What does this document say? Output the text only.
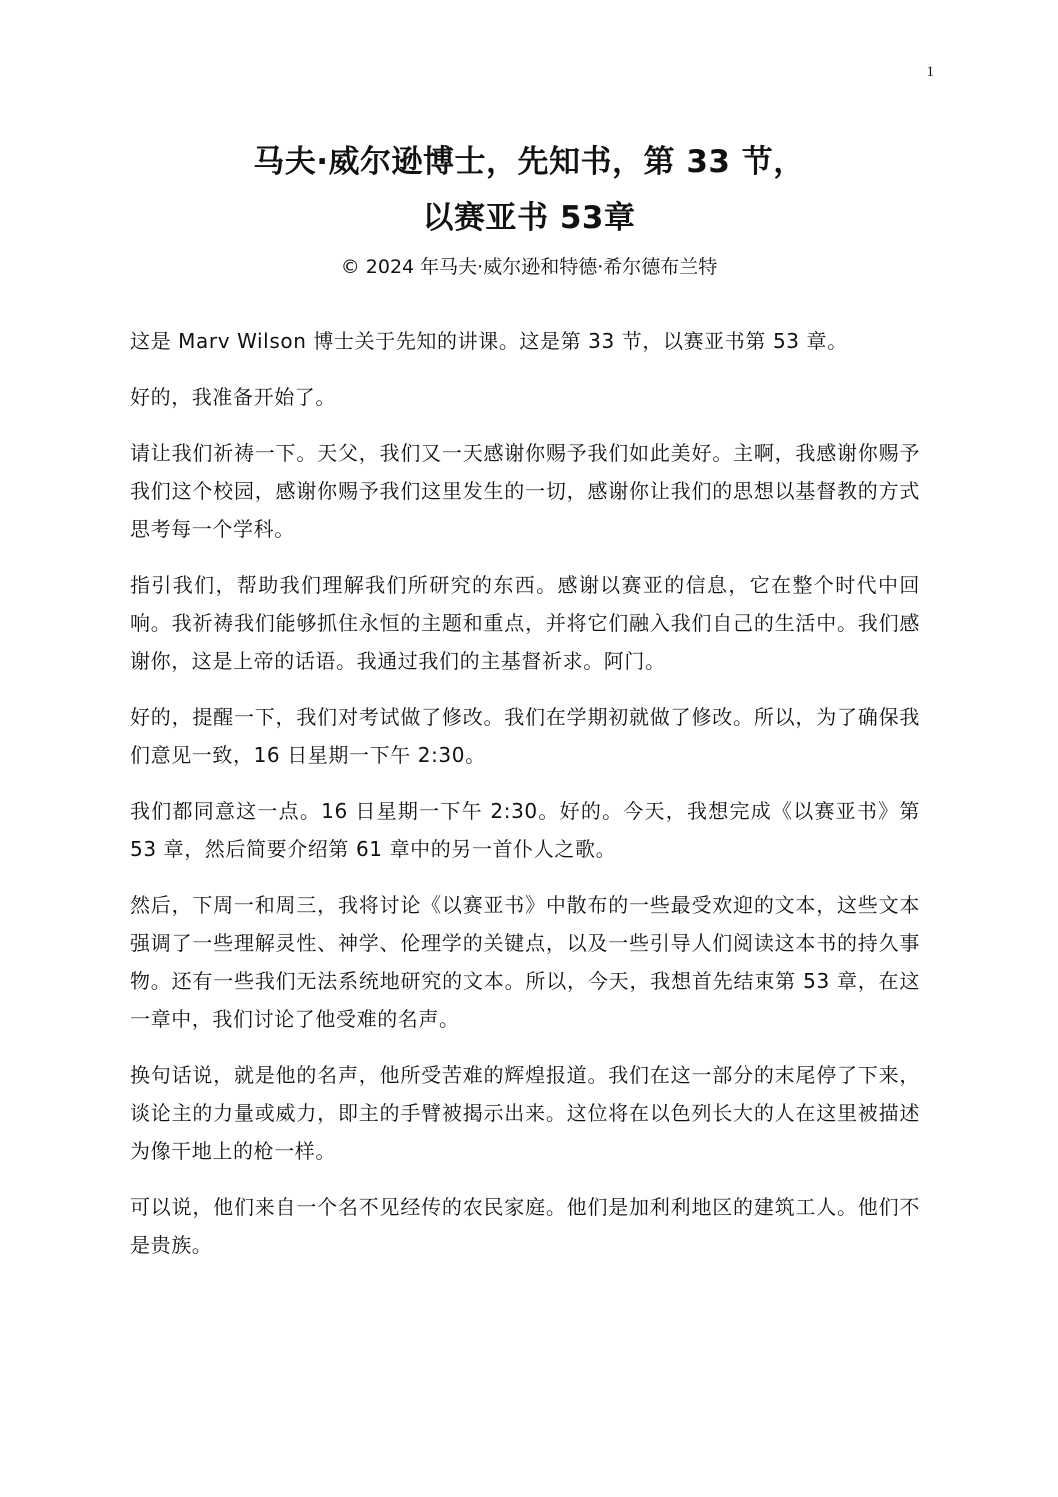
1
马夫·威尔逊博士，先知书，第 33 节，
以赛亚书 53章
© 2024 年马夫·威尔逊和特德·希尔德布兰特

这是 Marv Wilson 博士关于先知的讲课。这是第 33 节，以赛亚书第 53 章。

好的，我准备开始了。

请让我们祈祷一下。天父，我们又一天感谢你赐予我们如此美好。主啊，我感谢你赐予我们这个校园，感谢你赐予我们这里发生的一切，感谢你让我们的思想以基督教的方式思考每一个学科。

指引我们，帮助我们理解我们所研究的东西。感谢以赛亚的信息，它在整个时代中回响。我祈祷我们能够抓住永恒的主题和重点，并将它们融入我们自己的生活中。我们感谢你，这是上帝的话语。我通过我们的主基督祈求。阿门。

好的，提醒一下，我们对考试做了修改。我们在学期初就做了修改。所以，为了确保我们意见一致，16 日星期一下午 2:30。

我们都同意这一点。16 日星期一下午 2:30。好的。今天，我想完成《以赛亚书》第 53 章，然后简要介绍第 61 章中的另一首仆人之歌。

然后，下周一和周三，我将讨论《以赛亚书》中散布的一些最受欢迎的文本，这些文本强调了一些理解灵性、神学、伦理学的关键点，以及一些引导人们阅读这本书的持久事物。还有一些我们无法系统地研究的文本。所以，今天，我想首先结束第 53 章，在这一章中，我们讨论了他受难的名声。

换句话说，就是他的名声，他所受苦难的辉煌报道。我们在这一部分的末尾停了下来，谈论主的力量或威力，即主的手臂被揭示出来。这位将在以色列长大的人在这里被描述为像干地上的枪一样。

可以说，他们来自一个名不见经传的农民家庭。他们是加利利地区的建筑工人。他们不是贵族。
